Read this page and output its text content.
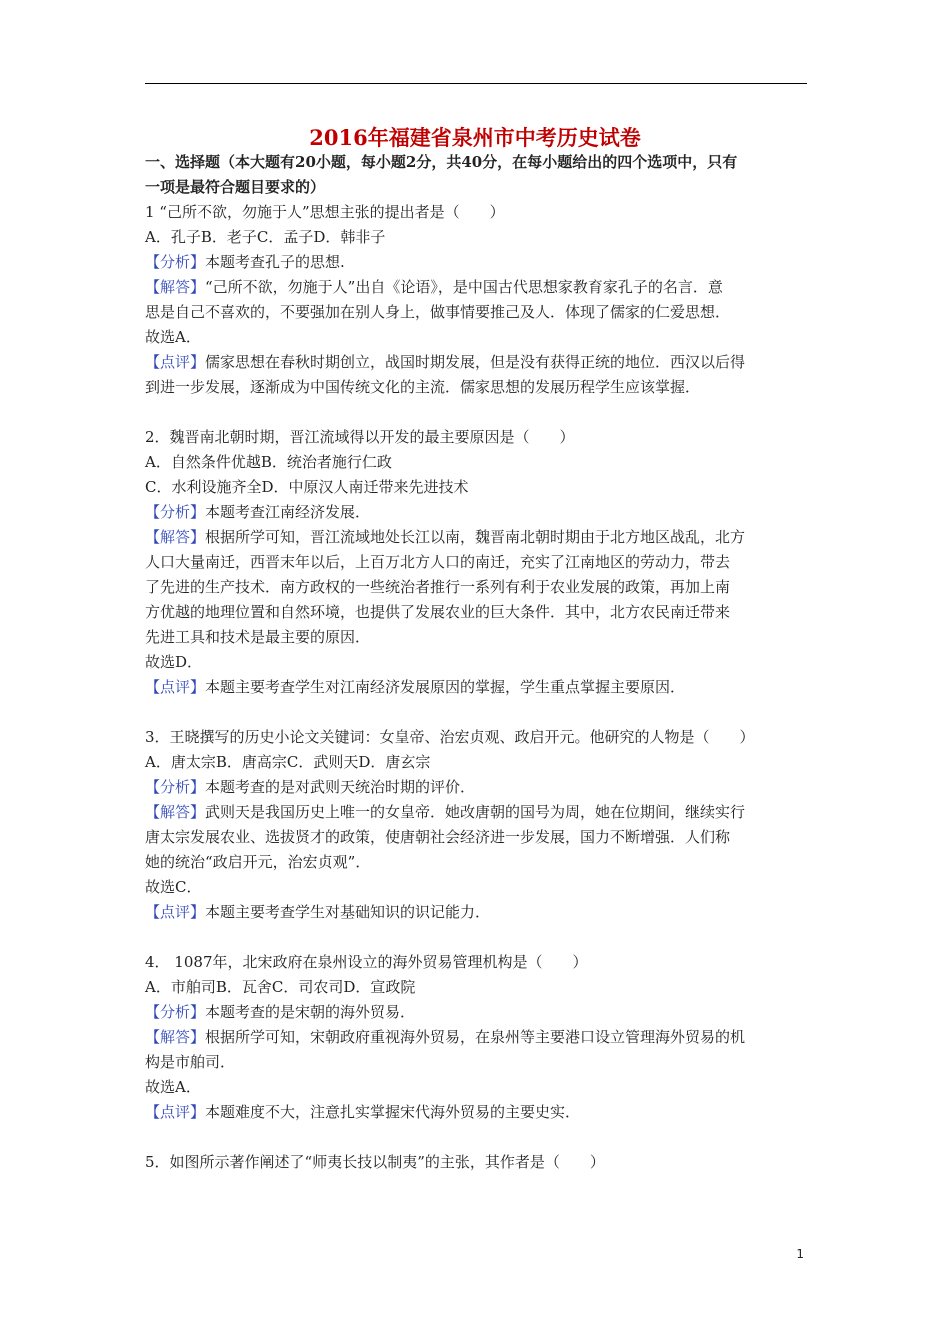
2016年福建省泉州市中考历史试卷
一、选择题（本大题有20小题，每小题2分，共40分，在每小题给出的四个选项中，只有
一项是最符合题目要求的）
1 “己所不欲，勿施于人”思想主张的提出者是（　　）
A．孔子B．老子C．孟子D．韩非子
【分析】本题考查孔子的思想.
【解答】“己所不欲，勿施于人”出自《论语》，是中国古代思想家教育家孔子的名言．意
思是自己不喜欢的，不要强加在别人身上，做事情要推己及人．体现了儒家的仁爱思想．
故选A．
【点评】儒家思想在春秋时期创立，战国时期发展，但是没有获得正统的地位．西汉以后得
到进一步发展，逐渐成为中国传统文化的主流．儒家思想的发展历程学生应该掌握．
2．魏晋南北朝时期，晋江流域得以开发的最主要原因是（　　）
A．自然条件优越B．统治者施行仁政
C．水利设施齐全D．中原汉人南迁带来先进技术
【分析】本题考查江南经济发展．
【解答】根据所学可知，晋江流域地处长江以南，魏晋南北朝时期由于北方地区战乱，北方
人口大量南迁，西晋末年以后，上百万北方人口的南迁，充实了江南地区的劳动力，带去
了先进的生产技术．南方政权的一些统治者推行一系列有利于农业发展的政策，再加上南
方优越的地理位置和自然环境，也提供了发展农业的巨大条件．其中，北方农民南迁带来
先进工具和技术是最主要的原因．
故选D．
【点评】本题主要考查学生对江南经济发展原因的掌握，学生重点掌握主要原因．
3．王晓撰写的历史小论文关键词：女皇帝、治宏贞观、政启开元。他研究的人物是（　　）
A．唐太宗B．唐高宗C．武则天D．唐玄宗
【分析】本题考查的是对武则天统治时期的评价．
【解答】武则天是我国历史上唯一的女皇帝．她改唐朝的国号为周，她在位期间，继续实行
唐太宗发展农业、选拔贤才的政策，使唐朝社会经济进一步发展，国力不断增强．人们称
她的统治“政启开元，治宏贞观”．
故选C．
【点评】本题主要考查学生对基础知识的识记能力．
4． 1087年，北宋政府在泉州设立的海外贸易管理机构是（　　）
A．市舶司B．瓦舍C．司农司D．宣政院
【分析】本题考查的是宋朝的海外贸易．
【解答】根据所学可知，宋朝政府重视海外贸易，在泉州等主要港口设立管理海外贸易的机
构是市舶司．
故选A．
【点评】本题难度不大，注意扎实掌握宋代海外贸易的主要史实．
5．如图所示著作阐述了“师夷长技以制夷”的主张，其作者是（　　）
1
